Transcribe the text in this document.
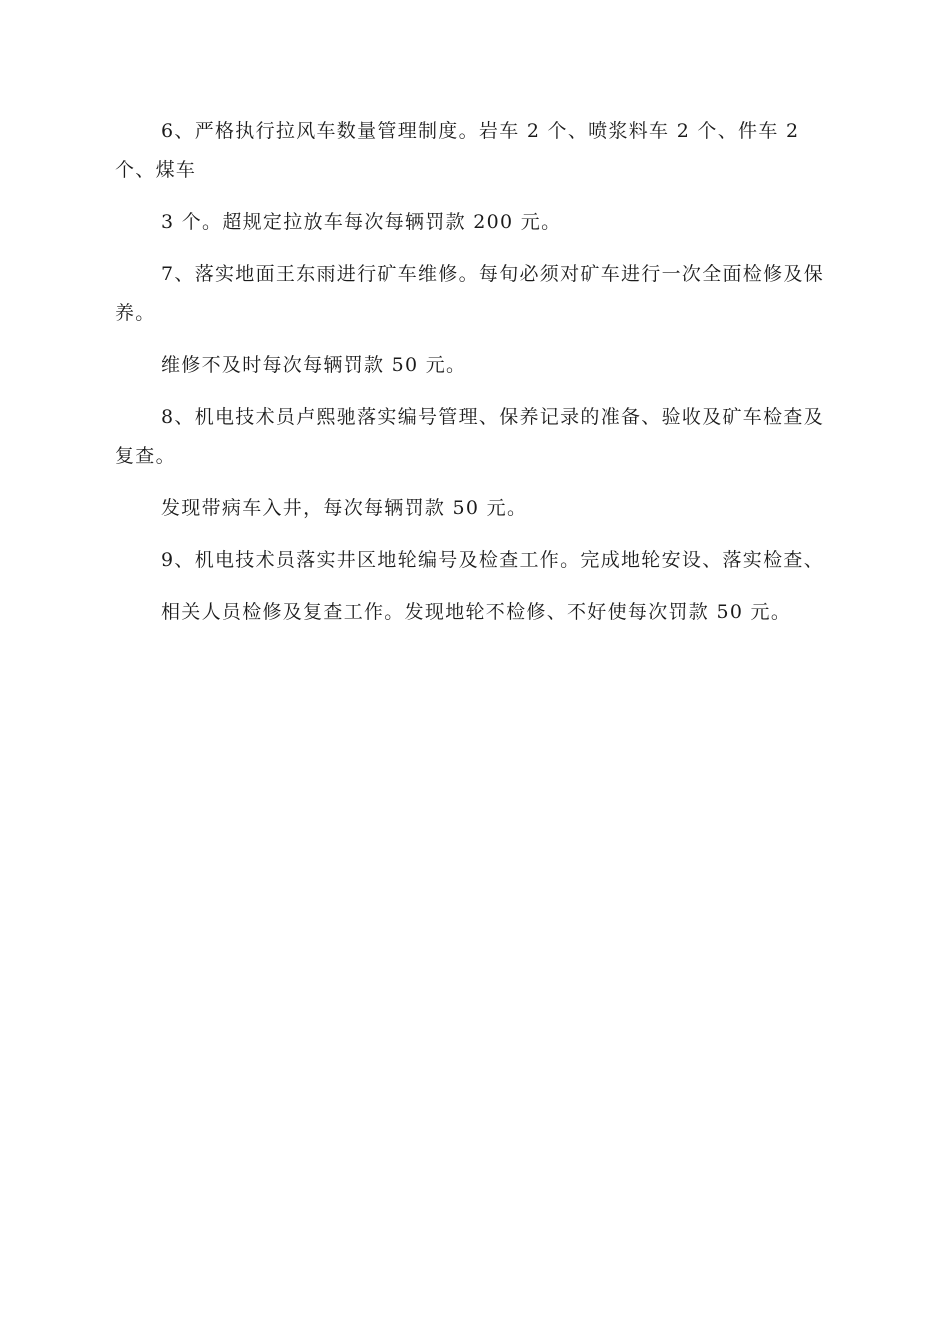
6、严格执行拉风车数量管理制度。岩车 2 个、喷浆料车 2 个、件车 2 个、煤车

3 个。超规定拉放车每次每辆罚款 200 元。

7、落实地面王东雨进行矿车维修。每旬必须对矿车进行一次全面检修及保养。

维修不及时每次每辆罚款 50 元。

8、机电技术员卢熙驰落实编号管理、保养记录的准备、验收及矿车检查及复查。

发现带病车入井，每次每辆罚款 50 元。

9、机电技术员落实井区地轮编号及检查工作。完成地轮安设、落实检查、

相关人员检修及复查工作。发现地轮不检修、不好使每次罚款 50 元。
